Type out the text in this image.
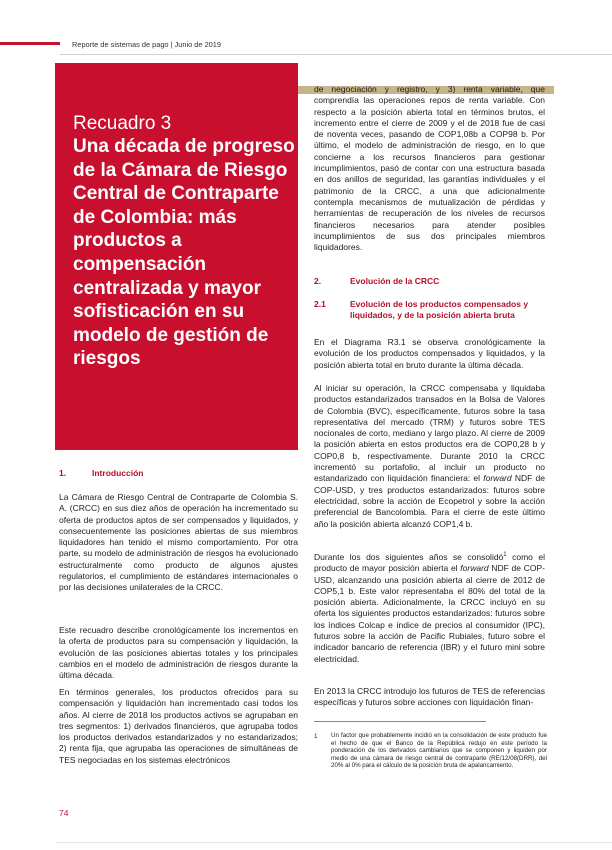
Reporte de sistemas de pago | Junio de 2019
Recuadro 3
Una década de progreso de la Cámara de Riesgo Central de Contraparte de Colombia: más productos a compensación centralizada y mayor sofisticación en su modelo de gestión de riesgos
1.	Introducción

La Cámara de Riesgo Central de Contraparte de Colombia S. A. (CRCC) en sus diez años de operación ha incrementado su oferta de productos aptos de ser compensados y liquidados, y consecuentemente las posiciones abiertas de sus miembros liquidadores han tenido el mismo comportamiento. Por otra parte, su modelo de administración de riesgos ha evolucionado estructuralmente como producto de algunos ajustes regulatorios, el cumplimiento de estándares internacionales o por las decisiones unilaterales de la CRCC.

Este recuadro describe cronológicamente los incrementos en la oferta de productos para su compensación y liquidación, la evolución de las posiciones abiertas totales y los principales cambios en el modelo de administración de riesgos durante la última década.

En términos generales, los productos ofrecidos para su compensación y liquidación han incrementado casi todos los años. Al cierre de 2018 los productos activos se agrupaban en tres segmentos: 1) derivados financieros, que agrupaba todos los productos derivados estandarizados y no estandarizados; 2) renta fija, que agrupaba las operaciones de simultáneas de TES negociadas en los sistemas electrónicos

de negociación y registro, y 3) renta variable, que comprendía las operaciones repos de renta variable. Con respecto a la posición abierta total en términos brutos, el incremento entre el cierre de 2009 y el de 2018 fue de casi de noventa veces, pasando de COP1,08b a COP98 b. Por último, el modelo de administración de riesgo, en lo que concierne a los recursos financieros para gestionar incumplimientos, pasó de contar con una estructura basada en dos anillos de seguridad, las garantías individuales y el patrimonio de la CRCC, a una que adicionalmente contempla mecanismos de mutualización de pérdidas y herramientas de recuperación de los niveles de recursos financieros necesarios para atender posibles incumplimientos de sus dos principales miembros liquidadores.

2.	Evolución de la CRCC
2.1	Evolución de los productos compensados y liquidados, y de la posición abierta bruta

En el Diagrama R3.1 se observa cronológicamente la evolución de los productos compensados y liquidados, y la posición abierta total en bruto durante la última década.

Al iniciar su operación, la CRCC compensaba y liquidaba productos estandarizados transados en la Bolsa de Valores de Colombia (BVC), específicamente, futuros sobre la tasa representativa del mercado (TRM) y futuros sobre TES nocionales de corto, mediano y largo plazo. Al cierre de 2009 la posición abierta en estos productos era de COP0,28 b y COP0,8 b, respectivamente. Durante 2010 la CRCC incrementó su portafolio, al incluir un producto no estandarizado con liquidación financiera: el forward NDF de COP-USD, y tres productos estandarizados: futuros sobre electricidad, sobre la acción de Ecopetrol y sobre la acción preferencial de Bancolombia. Para el cierre de este último año la posición abierta alcanzó COP1,4 b.

Durante los dos siguientes años se consolidó$^1$ como el producto de mayor posición abierta el forward NDF de COP-USD, alcanzando una posición abierta al cierre de 2012 de COP5,1 b. Este valor representaba el 80% del total de la posición abierta. Adicionalmente, la CRCC incluyó en su oferta los siguientes productos estandarizados: futuros sobre los índices Colcap e índice de precios al consumidor (IPC), futuros sobre la acción de Pacific Rubiales, futuro sobre el indicador bancario de referencia (IBR) y el futuro mini sobre electricidad.

En 2013 la CRCC introdujo los futuros de TES de referencias específicas y futuros sobre acciones con liquidación finan-

1 Un factor que probablemente incidió en la consolidación de este producto fue el hecho de que el Banco de la República redujo en este período la ponderación de los derivados cambiarios que se componen y liquiden por medio de una cámara de riesgo central de contraparte (RE/12/08(DRR), del 20% al 0% para el cálculo de la posición bruta de apalancamiento.

74
